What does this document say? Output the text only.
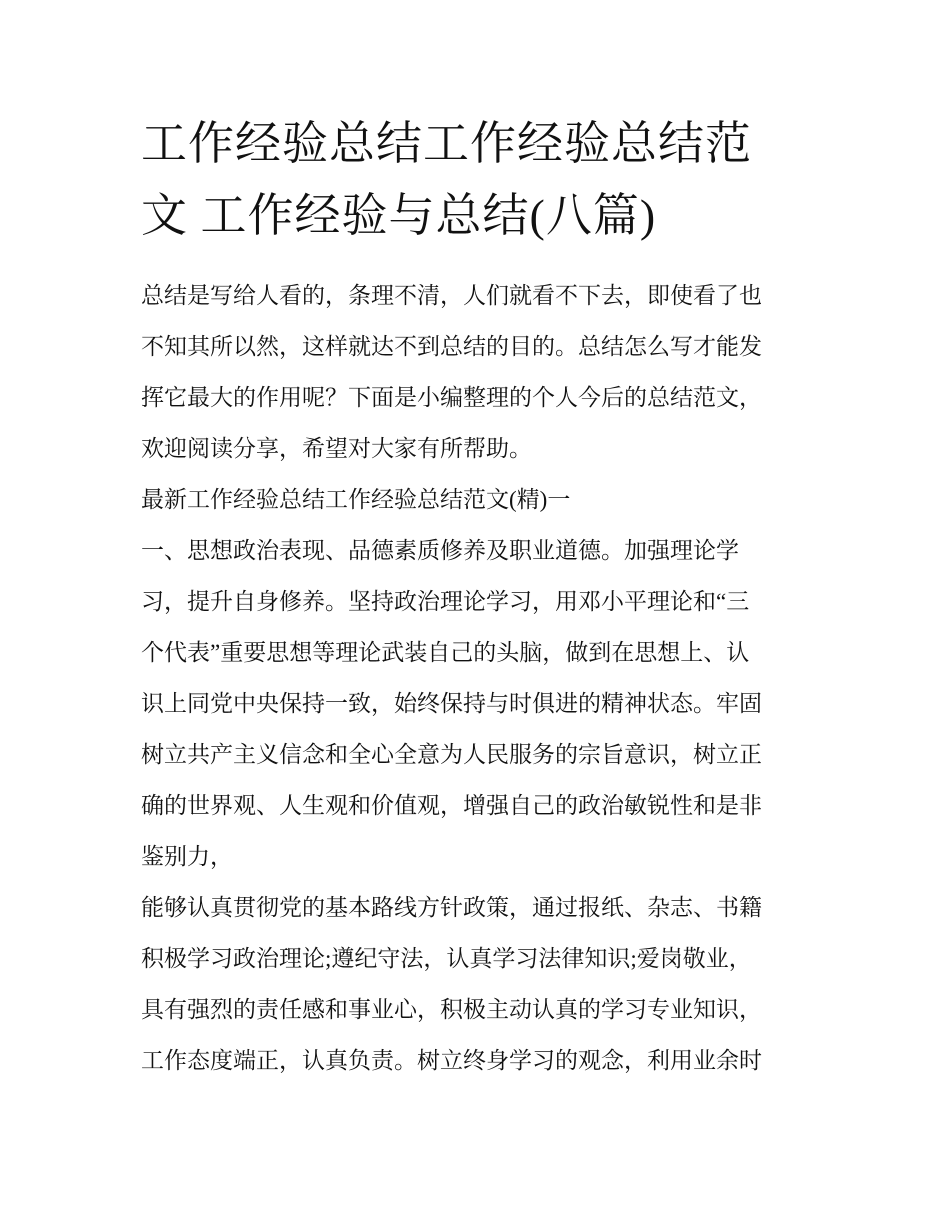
工作经验总结工作经验总结范
文 工作经验与总结(八篇)
总结是写给人看的，条理不清，人们就看不下去，即使看了也
不知其所以然，这样就达不到总结的目的。总结怎么写才能发
挥它最大的作用呢？下面是小编整理的个人今后的总结范文，
欢迎阅读分享，希望对大家有所帮助。
最新工作经验总结工作经验总结范文(精)一
一、思想政治表现、品德素质修养及职业道德。加强理论学
习，提升自身修养。坚持政治理论学习，用邓小平理论和“三
个代表”重要思想等理论武装自己的头脑，做到在思想上、认
识上同党中央保持一致，始终保持与时俱进的精神状态。牢固
树立共产主义信念和全心全意为人民服务的宗旨意识，树立正
确的世界观、人生观和价值观，增强自己的政治敏锐性和是非
鉴别力，
能够认真贯彻党的基本路线方针政策，通过报纸、杂志、书籍
积极学习政治理论;遵纪守法，认真学习法律知识;爱岗敬业，
具有强烈的责任感和事业心，积极主动认真的学习专业知识，
工作态度端正，认真负责。树立终身学习的观念，利用业余时
